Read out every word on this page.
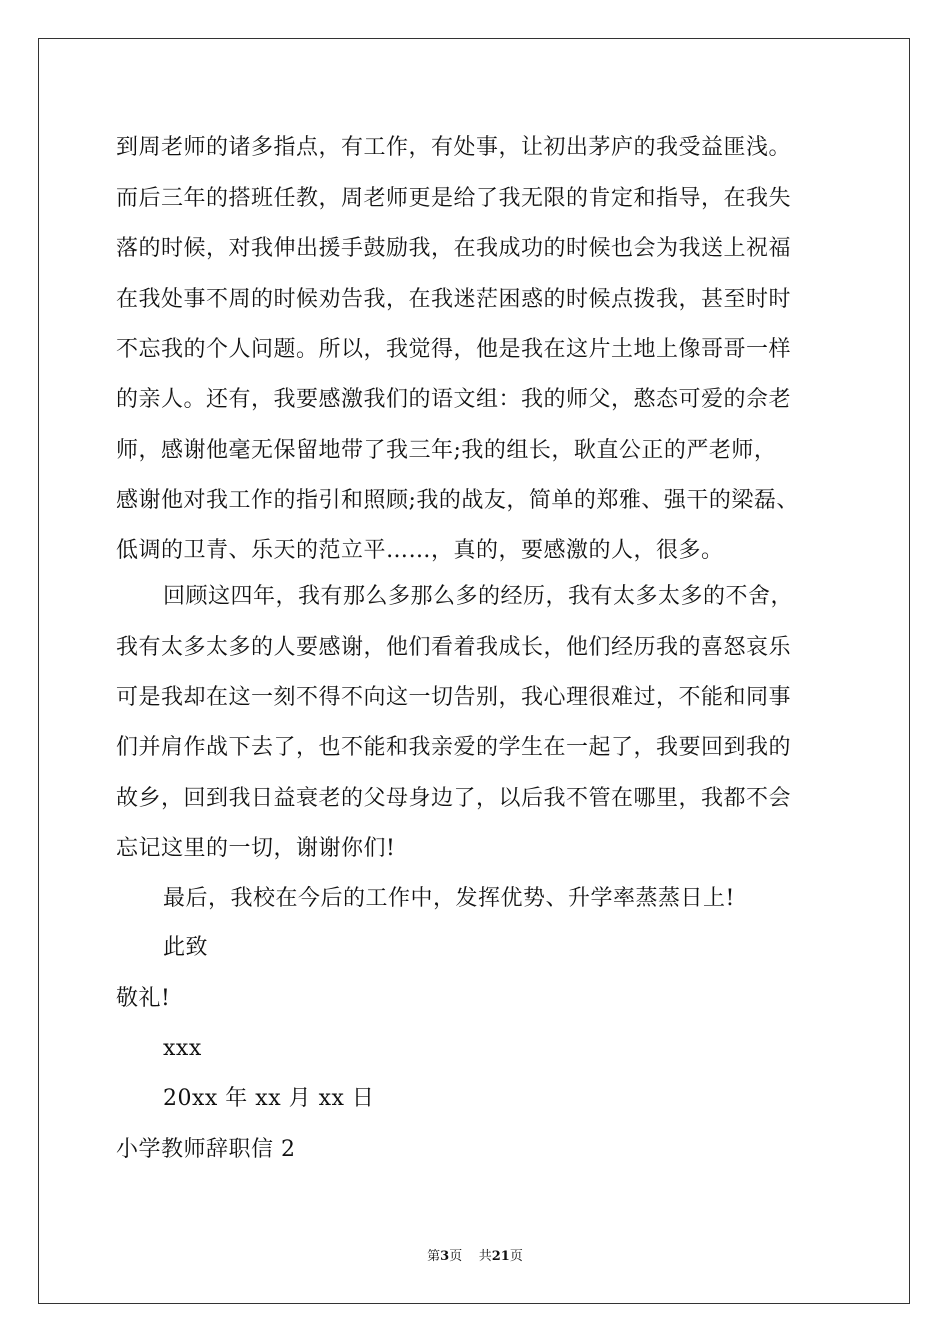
到周老师的诸多指点，有工作，有处事，让初出茅庐的我受益匪浅。
而后三年的搭班任教，周老师更是给了我无限的肯定和指导，在我失
落的时候，对我伸出援手鼓励我，在我成功的时候也会为我送上祝福
在我处事不周的时候劝告我，在我迷茫困惑的时候点拨我，甚至时时
不忘我的个人问题。所以，我觉得，他是我在这片土地上像哥哥一样
的亲人。还有，我要感激我们的语文组：我的师父，憨态可爱的佘老
师，感谢他毫无保留地带了我三年;我的组长，耿直公正的严老师，
感谢他对我工作的指引和照顾;我的战友，简单的郑雅、强干的梁磊、
低调的卫青、乐天的范立平……，真的，要感激的人，很多。
回顾这四年，我有那么多那么多的经历，我有太多太多的不舍，
我有太多太多的人要感谢，他们看着我成长，他们经历我的喜怒哀乐
可是我却在这一刻不得不向这一切告别，我心理很难过，不能和同事
们并肩作战下去了，也不能和我亲爱的学生在一起了，我要回到我的
故乡，回到我日益衰老的父母身边了，以后我不管在哪里，我都不会
忘记这里的一切，谢谢你们!
最后，我校在今后的工作中，发挥优势、升学率蒸蒸日上!
此致
敬礼!
xxx
20xx 年 xx 月 xx 日
小学教师辞职信 2
第3页 共21页
